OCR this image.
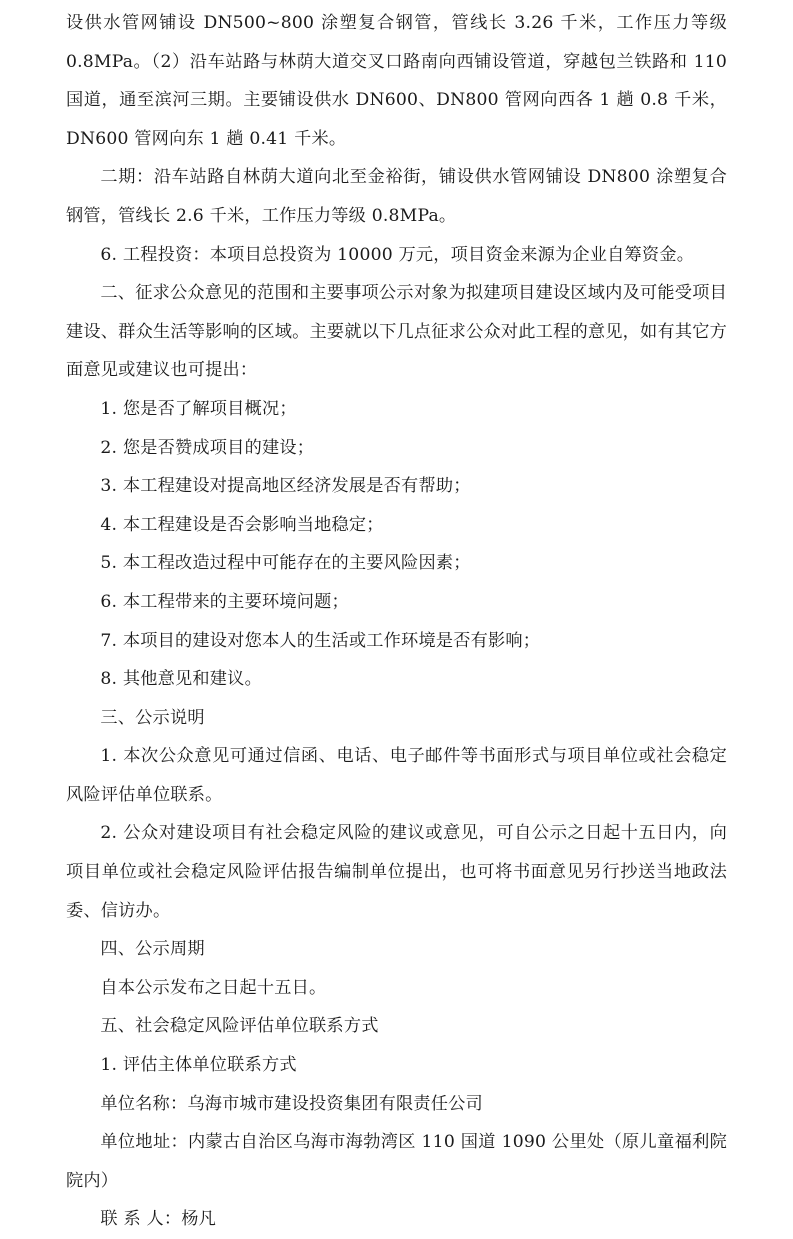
设供水管网铺设 DN500~800 涂塑复合钢管，管线长 3.26 千米，工作压力等级 0.8MPa。（2）沿车站路与林荫大道交叉口路南向西铺设管道，穿越包兰铁路和 110 国道，通至滨河三期。主要铺设供水 DN600、DN800 管网向西各 1 趟 0.8 千米，DN600 管网向东 1 趟 0.41 千米。

二期：沿车站路自林荫大道向北至金裕街，铺设供水管网铺设 DN800 涂塑复合钢管，管线长 2.6 千米，工作压力等级 0.8MPa。

6. 工程投资：本项目总投资为 10000 万元，项目资金来源为企业自筹资金。

二、征求公众意见的范围和主要事项公示对象为拟建项目建设区域内及可能受项目建设、群众生活等影响的区域。主要就以下几点征求公众对此工程的意见，如有其它方面意见或建议也可提出：

1. 您是否了解项目概况；

2. 您是否赞成项目的建设；

3. 本工程建设对提高地区经济发展是否有帮助；

4. 本工程建设是否会影响当地稳定；

5. 本工程改造过程中可能存在的主要风险因素；

6. 本工程带来的主要环境问题；

7. 本项目的建设对您本人的生活或工作环境是否有影响；

8. 其他意见和建议。

三、公示说明

1. 本次公众意见可通过信函、电话、电子邮件等书面形式与项目单位或社会稳定风险评估单位联系。

2. 公众对建设项目有社会稳定风险的建议或意见，可自公示之日起十五日内，向项目单位或社会稳定风险评估报告编制单位提出，也可将书面意见另行抄送当地政法委、信访办。

四、公示周期

自本公示发布之日起十五日。

五、社会稳定风险评估单位联系方式

1. 评估主体单位联系方式

单位名称：乌海市城市建设投资集团有限责任公司

单位地址：内蒙古自治区乌海市海勃湾区 110 国道 1090 公里处（原儿童福利院院内）

联 系 人：杨凡
